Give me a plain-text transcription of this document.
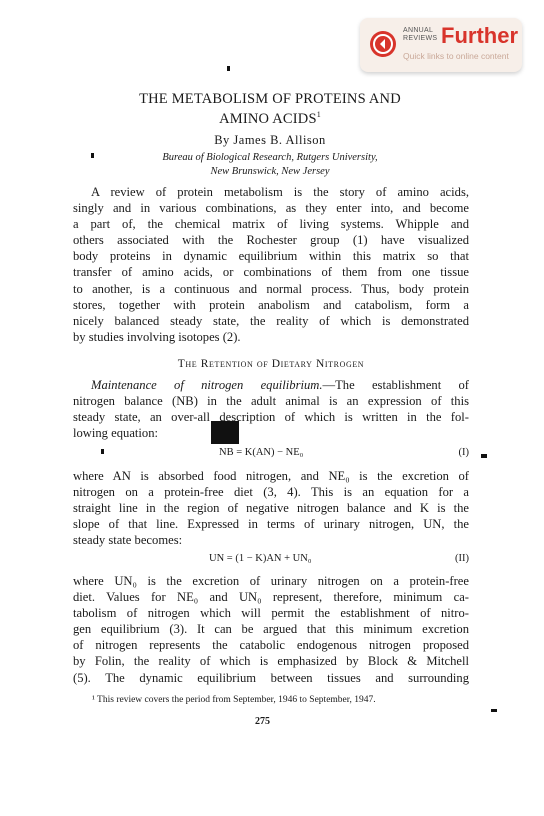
ANNUAL
REVIEWS Further
Quick links to online content
THE METABOLISM OF PROTEINS AND
AMINO ACIDS$^1$
By James B. Allison
Bureau of Biological Research, Rutgers University,
New Brunswick, New Jersey
A review of protein metabolism is the story of amino acids,
singly and in various combinations, as they enter into, and become
a part of, the chemical matrix of living systems. Whipple and
others associated with the Rochester group (1) have visualized
body proteins in dynamic equilibrium within this matrix so that
transfer of amino acids, or combinations of them from one tissue
to another, is a continuous and normal process. Thus, body protein
stores, together with protein anabolism and catabolism, form a
nicely balanced steady state, the reality of which is demonstrated
by studies involving isotopes (2).
The Retention of Dietary Nitrogen
Maintenance of nitrogen equilibrium.—The establishment of
nitrogen balance (NB) in the adult animal is an expression of this
steady state, an over-all description of which is written in the fol-
lowing equation:
NB = K(AN) − NE₀	(I)
where AN is absorbed food nitrogen, and NE₀ is the excretion of
nitrogen on a protein-free diet (3, 4). This is an equation for a
straight line in the region of negative nitrogen balance and K is the
slope of that line. Expressed in terms of urinary nitrogen, UN, the
steady state becomes:
UN = (1 − K)AN + UN₀	(II)
where UN₀ is the excretion of urinary nitrogen on a protein-free
diet. Values for NE₀ and UN₀ represent, therefore, minimum ca-
tabolism of nitrogen which will permit the establishment of nitro-
gen equilibrium (3). It can be argued that this minimum excretion
of nitrogen represents the catabolic endogenous nitrogen proposed
by Folin, the reality of which is emphasized by Block & Mitchell
(5). The dynamic equilibrium between tissues and surrounding
¹ This review covers the period from September, 1946 to September, 1947.
275
